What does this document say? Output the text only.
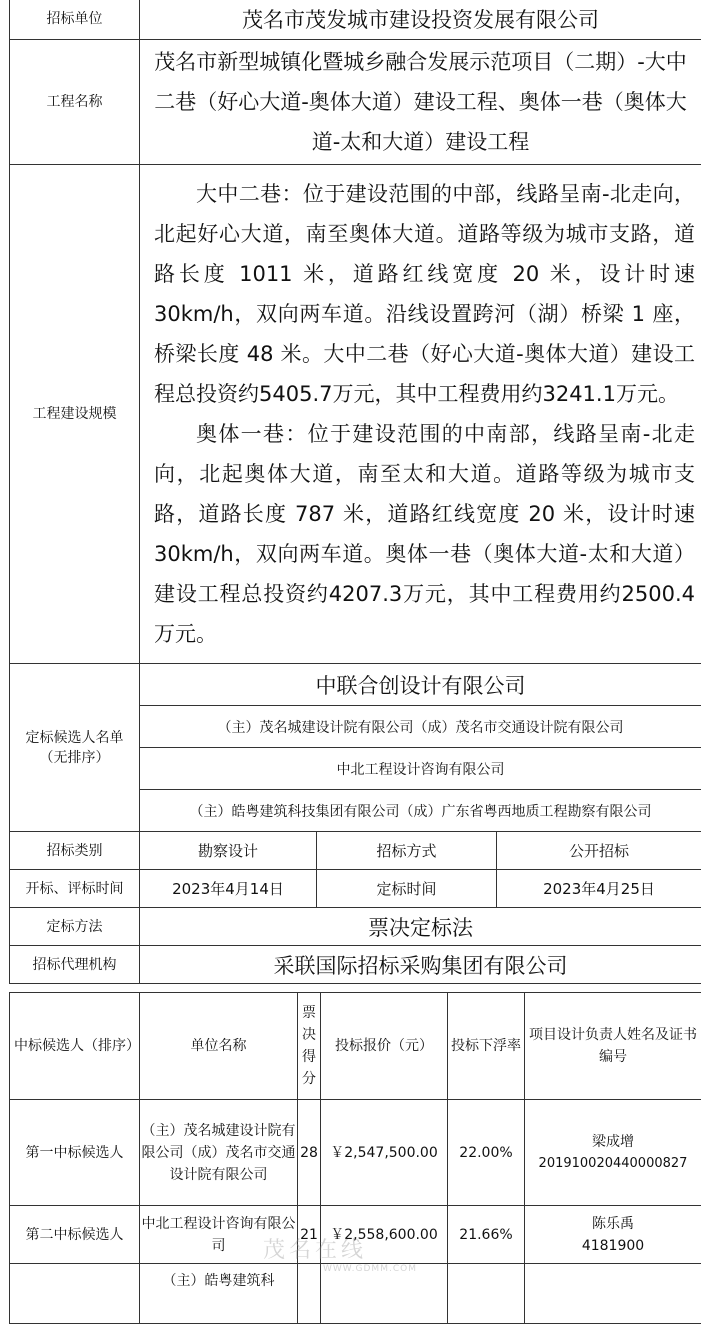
招标单位	茂名市茂发城市建设投资发展有限公司		
工程名称	茂名市新型城镇化暨城乡融合发展示范项目（二期）-大中二巷（好心大道-奥体大道）建设工程、奥体一巷（奥体大道-太和大道）建设工程		
工程建设规模	大中二巷：位于建设范围的中部，线路呈南-北走向，北起好心大道，南至奥体大道。道路等级为城市支路，道路长度 1011 米，道路红线宽度 20 米，设计时速 30km/h，双向两车道。沿线设置跨河（湖）桥梁 1 座，桥梁长度 48 米。大中二巷（好心大道-奥体大道）建设工程总投资约5405.7万元，其中工程费用约3241.1万元。

奥体一巷：位于建设范围的中南部，线路呈南-北走向，北起奥体大道，南至太和大道。道路等级为城市支路，道路长度 787 米，道路红线宽度 20 米，设计时速 30km/h，双向两车道。奥体一巷（奥体大道-太和大道）建设工程总投资约4207.3万元，其中工程费用约2500.4万元。		

定标候选人名单（无排序）	中联合创设计有限公司		
	（主）茂名城建设计院有限公司（成）茂名市交通设计院有限公司		
	中北工程设计咨询有限公司		
	（主）皓粤建筑科技集团有限公司（成）广东省粤西地质工程勘察有限公司		
招标类别	勘察设计	招标方式	公开招标
开标、评标时间	2023年4月14日	定标时间	2023年4月25日
定标方法	票决定标法		
招标代理机构	采联国际招标采购集团有限公司		
中标候选人（排序）	单位名称	票决得分	投标报价（元）	投标下浮率	项目设计负责人姓名及证书编号
第一中标候选人	（主）茂名城建设计院有限公司（成）茂名市交通设计院有限公司	28	￥2,547,500.00	22.00%	梁成增
20191002044000082​7

第二中标候选人	中北工程设计咨询有限公司	21	￥2,558,600.00	21.66%	陈乐禹
4181900

	（主）皓粤建筑科				
茂名在线
WWW.GDMM.COM
